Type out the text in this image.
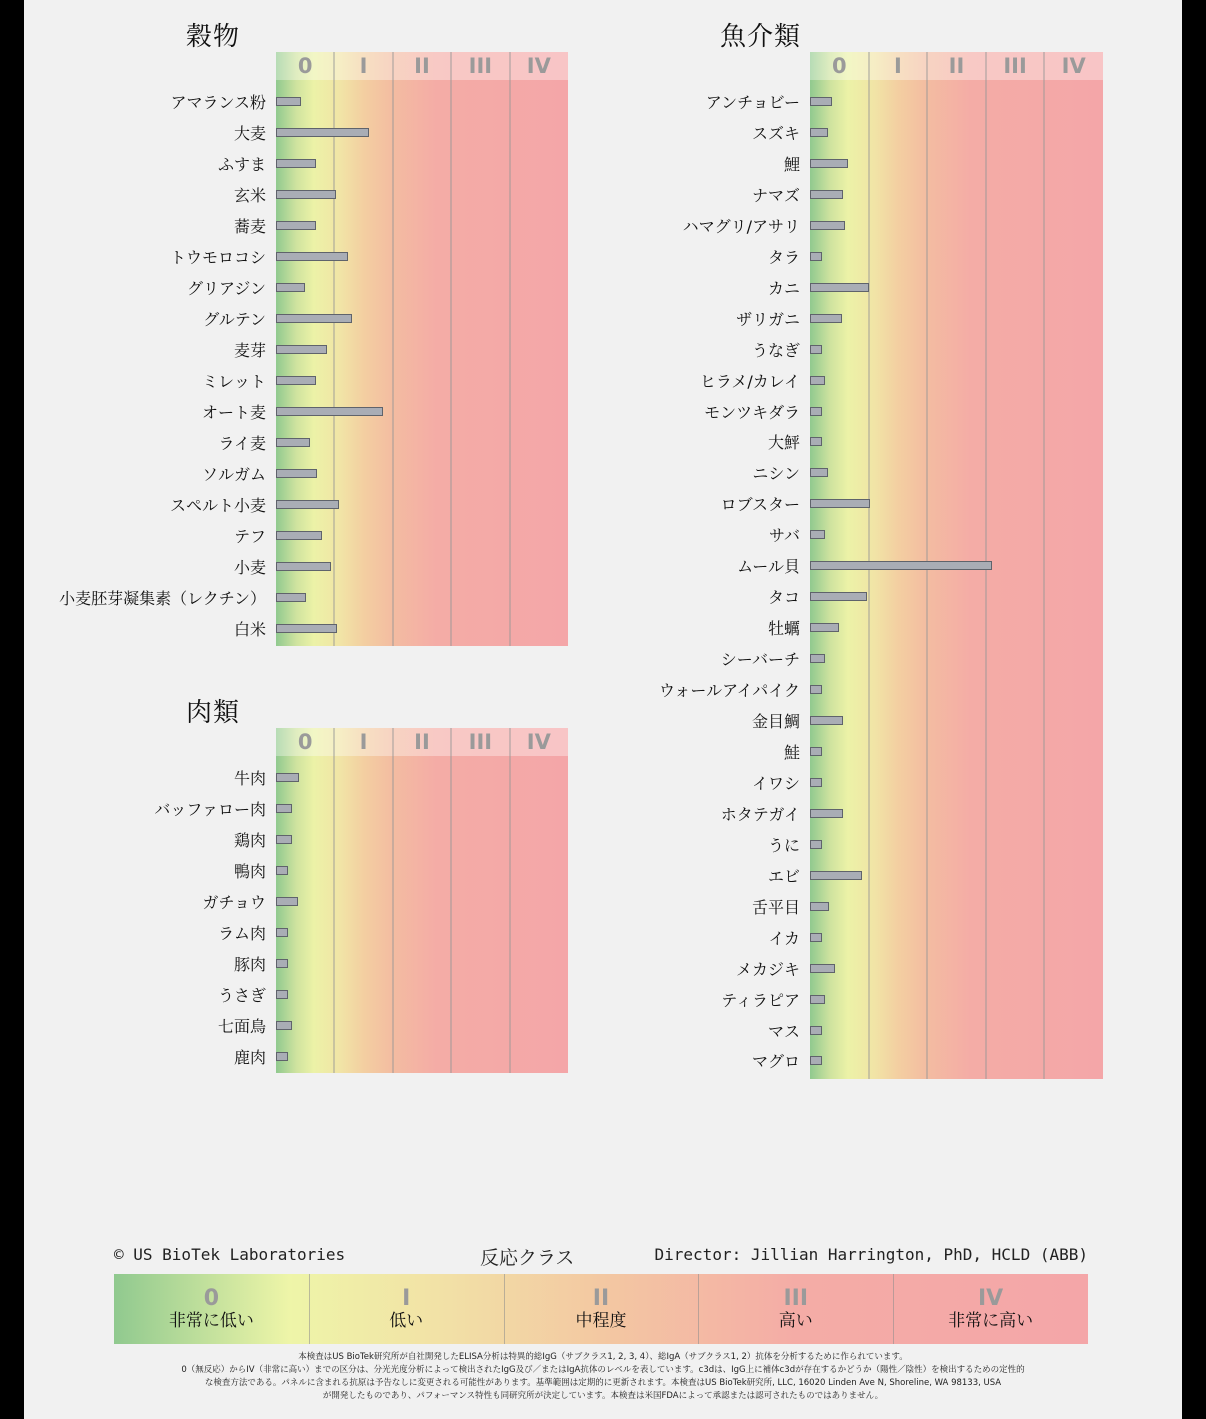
穀物
肉類
魚介類
0	I	II	III	IV
アマランス粉
大麦
ふすま
玄米
蕎麦
トウモロコシ
グリアジン
グルテン
麦芽
ミレット
オート麦
ライ麦
ソルガム
スペルト小麦
テフ
小麦
小麦胚芽凝集素（レクチン）
白米
0	I	II	III	IV
牛肉
バッファロー肉
鶏肉
鴨肉
ガチョウ
ラム肉
豚肉
うさぎ
七面鳥
鹿肉
0	I	II	III	IV
アンチョビー
スズキ
鯉
ナマズ
ハマグリ/アサリ
タラ
カニ
ザリガニ
うなぎ
ヒラメ/カレイ
モンツキダラ
大鮃
ニシン
ロブスター
サバ
ムール貝
タコ
牡蠣
シーバーチ
ウォールアイパイク
金目鯛
鮭
イワシ
ホタテガイ
うに
エビ
舌平目
イカ
メカジキ
ティラピア
マス
マグロ
© US BioTek Laboratories	反応クラス	Director: Jillian Harrington, PhD, HCLD (ABB)
0
非常に低い
I
低い
II
中程度
III
高い
IV
非常に高い
本検査はUS BioTek研究所が自社開発したELISA分析は特異的総IgG（サブクラス1, 2, 3, 4）、総IgA（サブクラス1, 2）抗体を分析するために作られています。
0（無反応）からIV（非常に高い）までの区分は、分光光度分析によって検出されたIgG及び／またはIgA抗体のレベルを表しています。c3dは、IgG上に補体c3dが存在するかどうか（陽性／陰性）を検出するための定性的
な検査方法である。パネルに含まれる抗原は予告なしに変更される可能性があります。基準範囲は定期的に更新されます。本検査はUS BioTek研究所, LLC, 16020 Linden Ave N, Shoreline, WA 98133, USA
が開発したものであり、パフォーマンス特性も同研究所が決定しています。本検査は米国FDAによって承認または認可されたものではありません。
